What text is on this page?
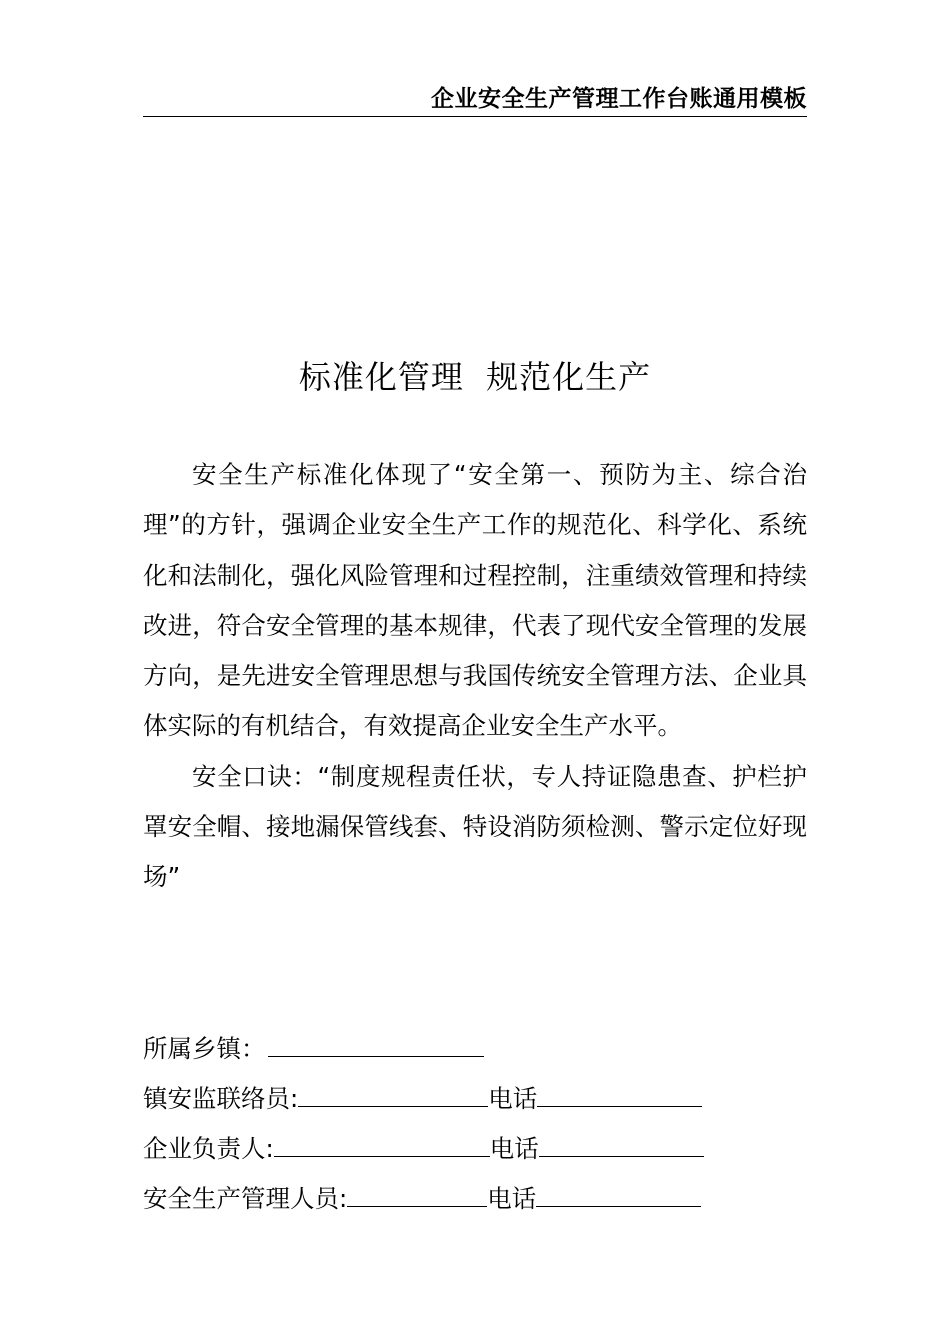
企业安全生产管理工作台账通用模板
标准化管理  规范化生产

安全生产标准化体现了“安全第一、预防为主、综合治理”的方针，强调企业安全生产工作的规范化、科学化、系统化和法制化，强化风险管理和过程控制，注重绩效管理和持续改进，符合安全管理的基本规律，代表了现代安全管理的发展方向，是先进安全管理思想与我国传统安全管理方法、企业具体实际的有机结合，有效提高企业安全生产水平。

安全口诀：“制度规程责任状，专人持证隐患查、护栏护罩安全帽、接地漏保管线套、特设消防须检测、警示定位好现场”

所属乡镇：
镇安监联络员:	电话
企业负责人:	电话
安全生产管理人员:	电话
